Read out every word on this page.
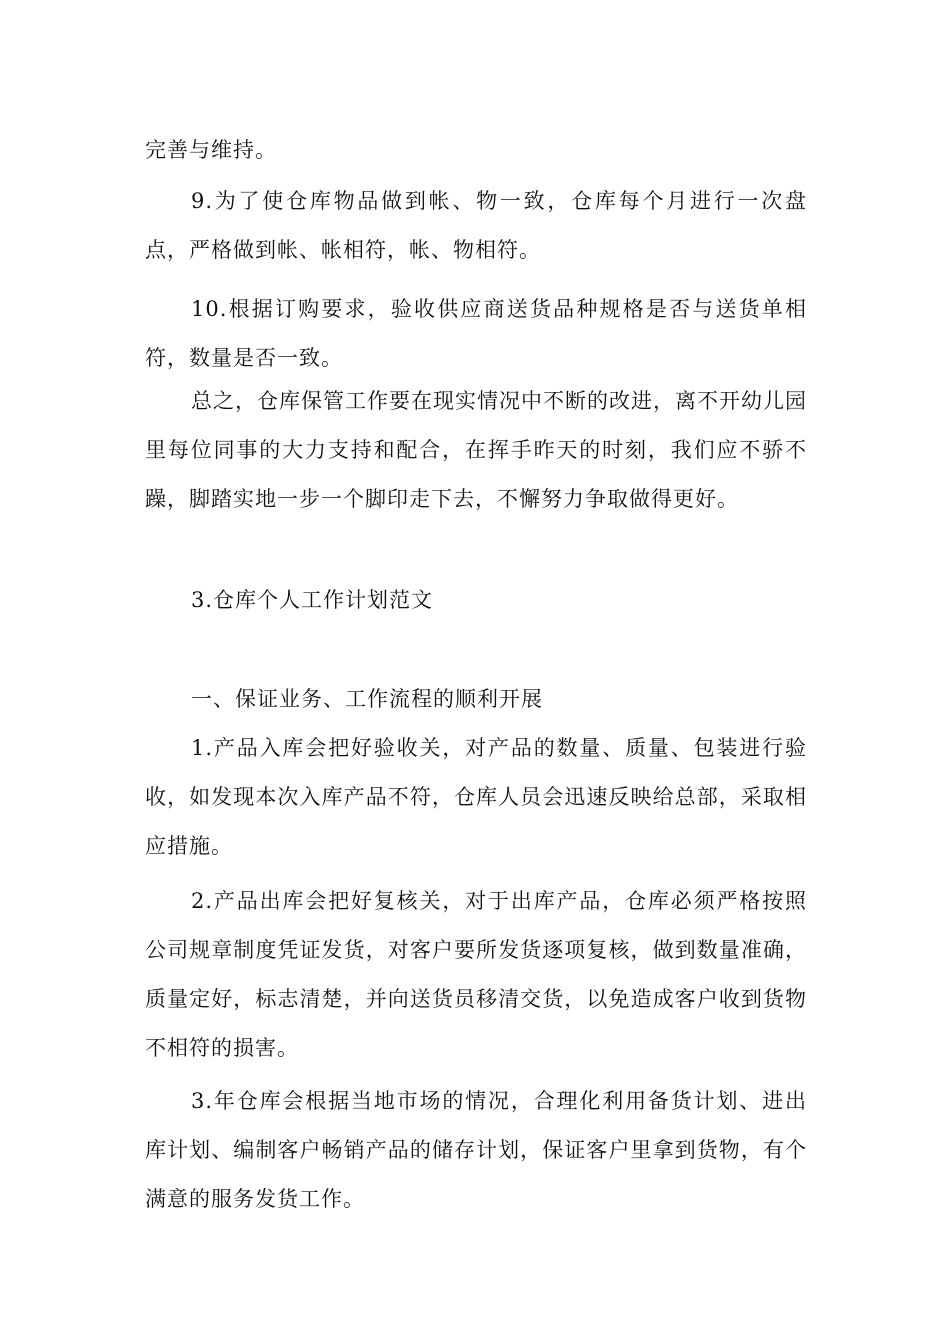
完善与维持。

9.为了使仓库物品做到帐、物一致，仓库每个月进行一次盘点，严格做到帐、帐相符，帐、物相符。

10.根据订购要求，验收供应商送货品种规格是否与送货单相符，数量是否一致。

总之，仓库保管工作要在现实情况中不断的改进，离不开幼儿园里每位同事的大力支持和配合，在挥手昨天的时刻，我们应不骄不躁，脚踏实地一步一个脚印走下去，不懈努力争取做得更好。

3.仓库个人工作计划范文

一、保证业务、工作流程的顺利开展

1.产品入库会把好验收关，对产品的数量、质量、包装进行验收，如发现本次入库产品不符，仓库人员会迅速反映给总部，采取相应措施。

2.产品出库会把好复核关，对于出库产品，仓库必须严格按照公司规章制度凭证发货，对客户要所发货逐项复核，做到数量准确，质量定好，标志清楚，并向送货员移清交货，以免造成客户收到货物不相符的损害。

3.年仓库会根据当地市场的情况，合理化利用备货计划、进出库计划、编制客户畅销产品的储存计划，保证客户里拿到货物，有个满意的服务发货工作。
